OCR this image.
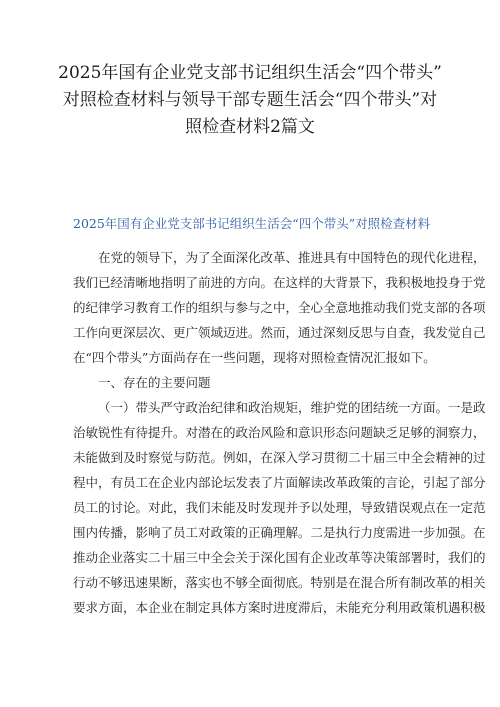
2025年国有企业党支部书记组织生活会“四个带头”
对照检查材料与领导干部专题生活会“四个带头”对
照检查材料2篇文
2025年国有企业党支部书记组织生活会“四个带头”对照检查材料
在党的领导下，为了全面深化改革、推进具有中国特色的现代化进程，
我们已经清晰地指明了前进的方向。在这样的大背景下，我积极地投身于党
的纪律学习教育工作的组织与参与之中，全心全意地推动我们党支部的各项
工作向更深层次、更广领域迈进。然而，通过深刻反思与自查，我发觉自己
在“四个带头”方面尚存在一些问题，现将对照检查情况汇报如下。
一、存在的主要问题
（一）带头严守政治纪律和政治规矩，维护党的团结统一方面。一是政
治敏锐性有待提升。对潜在的政治风险和意识形态问题缺乏足够的洞察力，
未能做到及时察觉与防范。例如，在深入学习贯彻二十届三中全会精神的过
程中，有员工在企业内部论坛发表了片面解读改革政策的言论，引起了部分
员工的讨论。对此，我们未能及时发现并予以处理，导致错误观点在一定范
围内传播，影响了员工对政策的正确理解。二是执行力度需进一步加强。在
推动企业落实二十届三中全会关于深化国有企业改革等决策部署时，我们的
行动不够迅速果断，落实也不够全面彻底。特别是在混合所有制改革的相关
要求方面，本企业在制定具体方案时进度滞后，未能充分利用政策机遇积极
